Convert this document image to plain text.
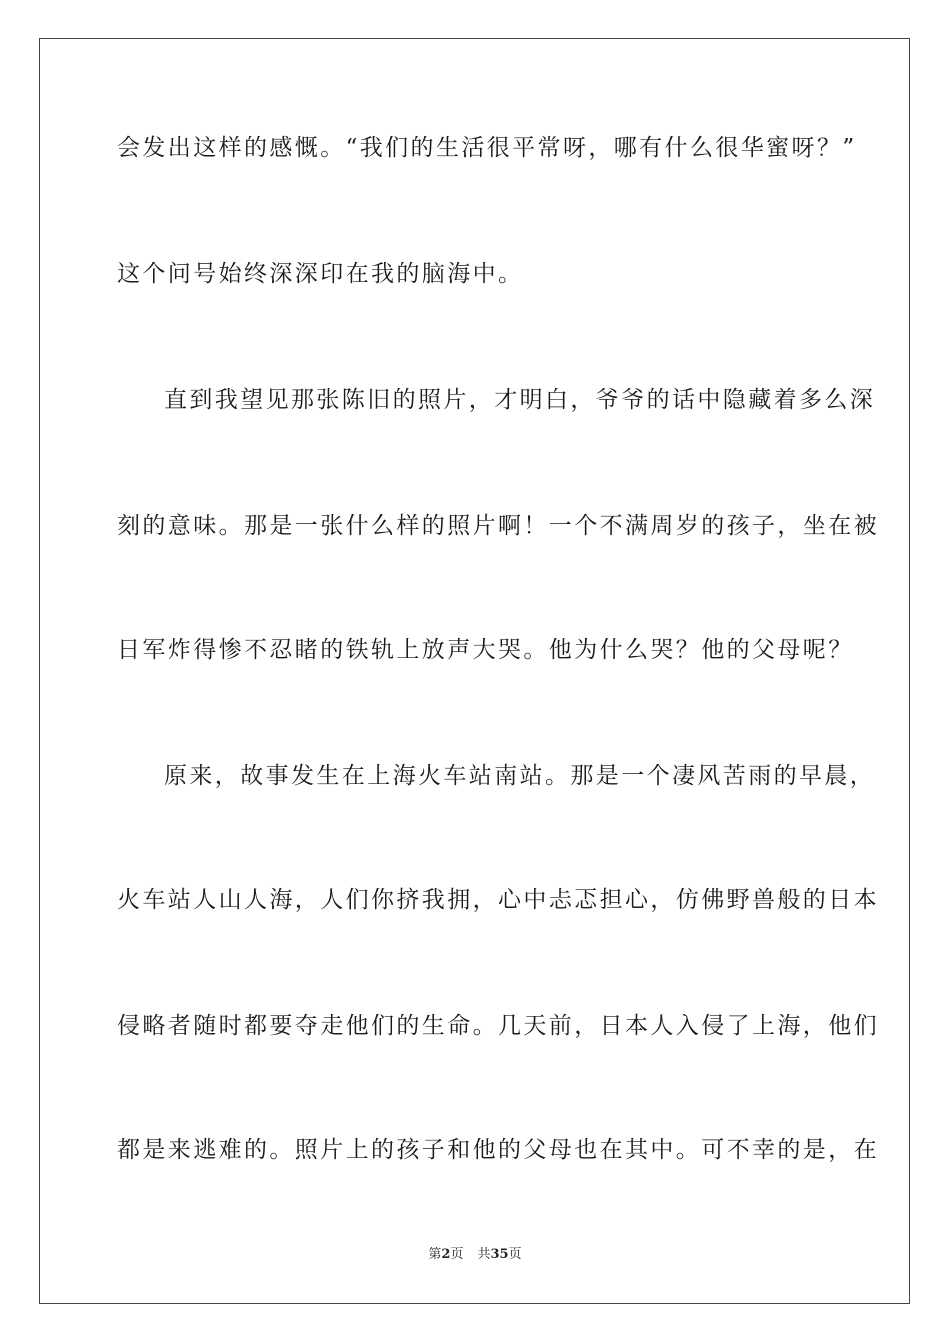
会发出这样的感慨。“我们的生活很平常呀，哪有什么很华蜜呀？”
这个问号始终深深印在我的脑海中。
直到我望见那张陈旧的照片，才明白，爷爷的话中隐藏着多么深
刻的意味。那是一张什么样的照片啊！一个不满周岁的孩子，坐在被
日军炸得惨不忍睹的铁轨上放声大哭。他为什么哭？他的父母呢？
原来，故事发生在上海火车站南站。那是一个凄风苦雨的早晨，
火车站人山人海，人们你挤我拥，心中忐忑担心，仿佛野兽般的日本
侵略者随时都要夺走他们的生命。几天前，日本人入侵了上海，他们
都是来逃难的。照片上的孩子和他的父母也在其中。可不幸的是，在
第2页 共35页
